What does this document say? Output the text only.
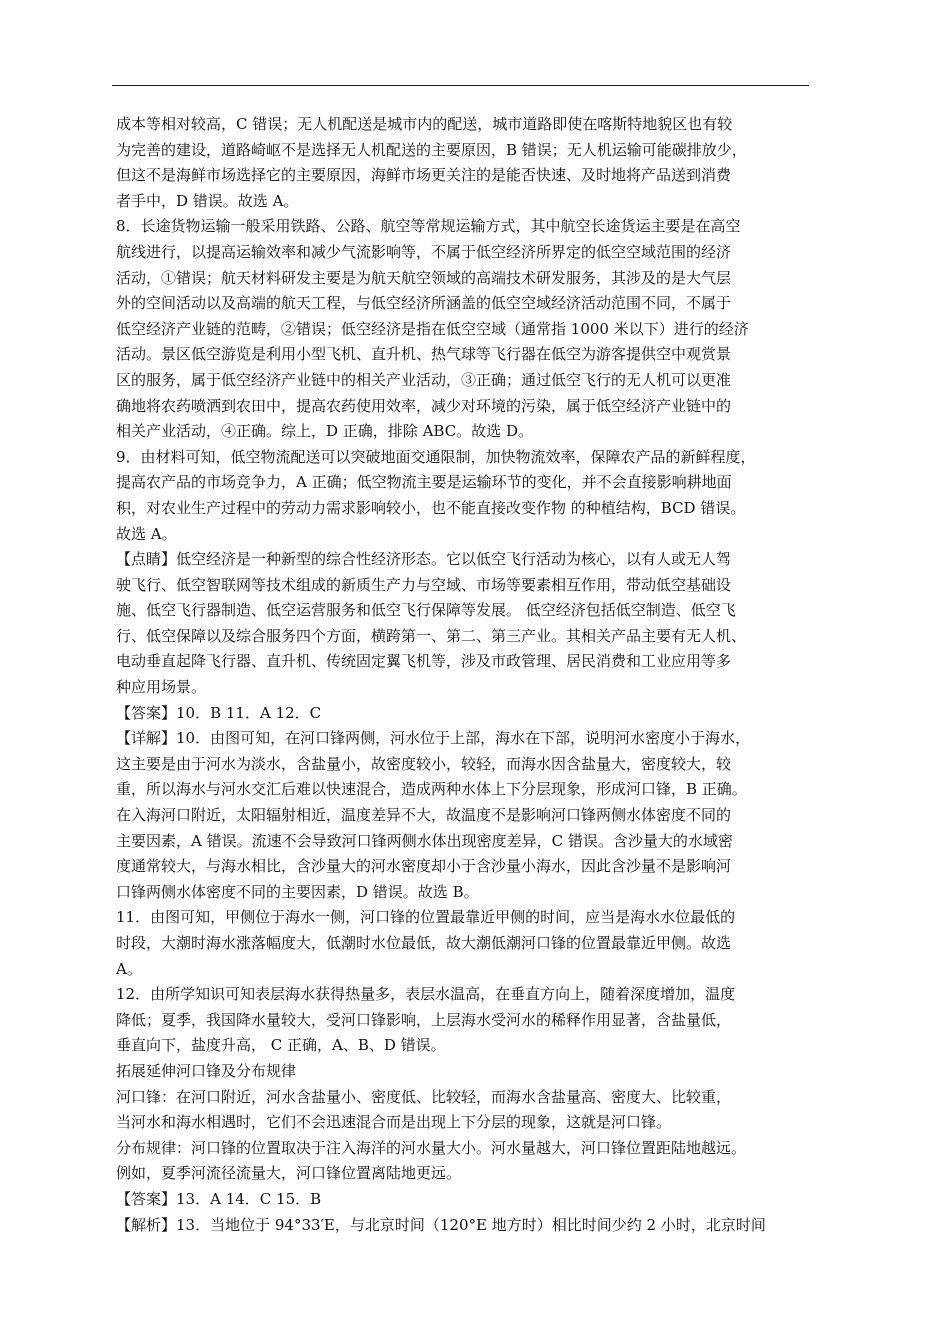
成本等相对较高，C 错误；无人机配送是城市内的配送，城市道路即使在喀斯特地貌区也有较
为完善的建设，道路崎岖不是选择无人机配送的主要原因，B 错误；无人机运输可能碳排放少，
但这不是海鲜市场选择它的主要原因，海鲜市场更关注的是能否快速、及时地将产品送到消费
者手中，D 错误。故选 A。
8．长途货物运输一般采用铁路、公路、航空等常规运输方式，其中航空长途货运主要是在高空
航线进行，以提高运输效率和减少气流影响等，不属于低空经济所界定的低空空域范围的经济
活动，①错误；航天材料研发主要是为航天航空领域的高端技术研发服务，其涉及的是大气层
外的空间活动以及高端的航天工程，与低空经济所涵盖的低空空域经济活动范围不同，不属于
低空经济产业链的范畴，②错误；低空经济是指在低空空域（通常指 1000 米以下）进行的经济
活动。景区低空游览是利用小型飞机、直升机、热气球等飞行器在低空为游客提供空中观赏景
区的服务，属于低空经济产业链中的相关产业活动，③正确；通过低空飞行的无人机可以更准
确地将农药喷洒到农田中，提高农药使用效率，减少对环境的污染，属于低空经济产业链中的
相关产业活动，④正确。综上，D 正确，排除 ABC。故选 D。
9．由材料可知，低空物流配送可以突破地面交通限制，加快物流效率，保障农产品的新鲜程度，
提高农产品的市场竞争力，A 正确；低空物流主要是运输环节的变化，并不会直接影响耕地面
积，对农业生产过程中的劳动力需求影响较小，也不能直接改变作物 的种植结构，BCD 错误。
故选 A。
【点睛】低空经济是一种新型的综合性经济形态。它以低空飞行活动为核心，以有人或无人驾
驶飞行、低空智联网等技术组成的新质生产力与空域、市场等要素相互作用，带动低空基础设
施、低空飞行器制造、低空运营服务和低空飞行保障等发展。 低空经济包括低空制造、低空飞
行、低空保障以及综合服务四个方面，横跨第一、第二、第三产业。其相关产品主要有无人机、
电动垂直起降飞行器、直升机、传统固定翼飞机等，涉及市政管理、居民消费和工业应用等多
种应用场景。
【答案】10．B 11．A 12．C
【详解】10．由图可知，在河口锋两侧，河水位于上部，海水在下部，说明河水密度小于海水，
这主要是由于河水为淡水，含盐量小，故密度较小，较轻，而海水因含盐量大，密度较大，较
重，所以海水与河水交汇后难以快速混合，造成两种水体上下分层现象，形成河口锋，B 正确。
在入海河口附近，太阳辐射相近，温度差异不大，故温度不是影响河口锋两侧水体密度不同的
主要因素，A 错误。流速不会导致河口锋两侧水体出现密度差异，C 错误。含沙量大的水域密
度通常较大，与海水相比，含沙量大的河水密度却小于含沙量小海水，因此含沙量不是影响河
口锋两侧水体密度不同的主要因素，D 错误。故选 B。
11．由图可知，甲侧位于海水一侧，河口锋的位置最靠近甲侧的时间，应当是海水水位最低的
时段，大潮时海水涨落幅度大，低潮时水位最低，故大潮低潮河口锋的位置最靠近甲侧。故选
A。
12．由所学知识可知表层海水获得热量多，表层水温高，在垂直方向上，随着深度增加，温度
降低；夏季，我国降水量较大，受河口锋影响，上层海水受河水的稀释作用显著，含盐量低，
垂直向下，盐度升高， C 正确，A、B、D 错误。
拓展延伸河口锋及分布规律
河口锋：在河口附近，河水含盐量小、密度低、比较轻，而海水含盐量高、密度大、比较重，
当河水和海水相遇时，它们不会迅速混合而是出现上下分层的现象，这就是河口锋。
分布规律：河口锋的位置取决于注入海洋的河水量大小。河水量越大，河口锋位置距陆地越远。
例如，夏季河流径流量大，河口锋位置离陆地更远。
【答案】13．A 14．C 15．B
【解析】13．当地位于 94°33′E，与北京时间（120°E 地方时）相比时间少约 2 小时，北京时间
